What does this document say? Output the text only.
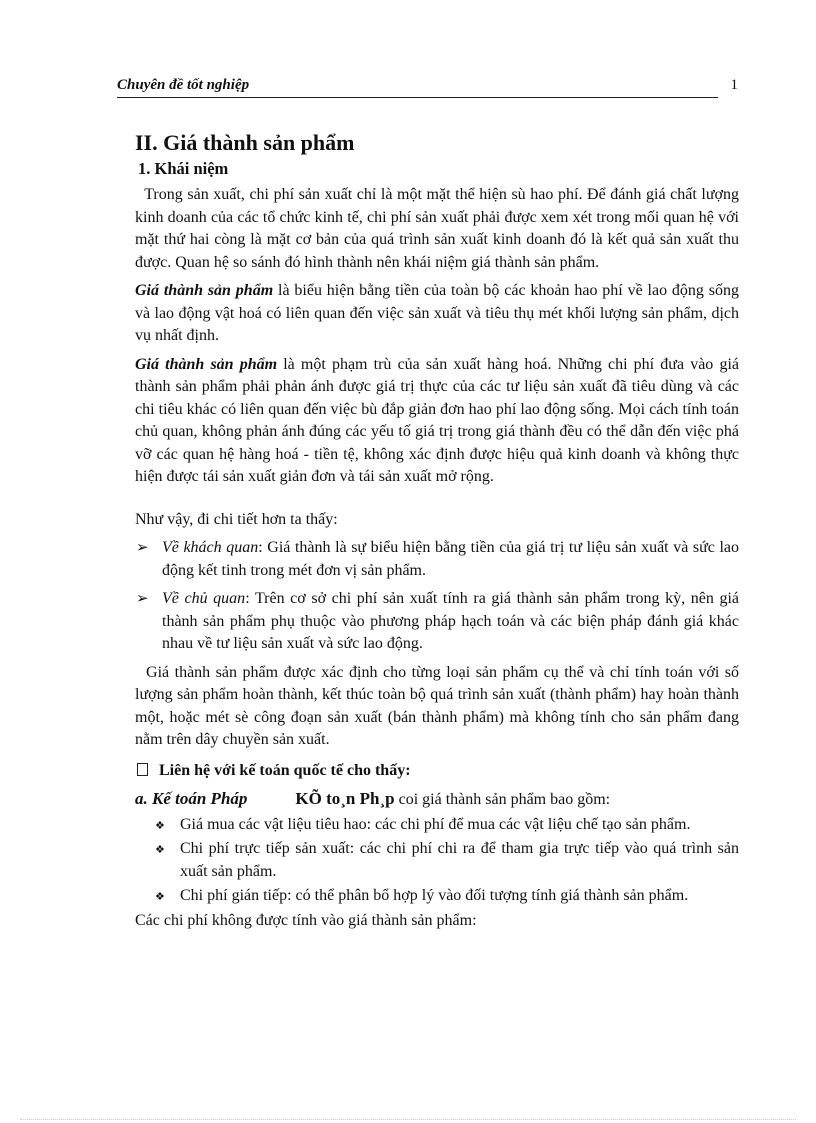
Chuyên đề tốt nghiệp	1
II. Giá thành sản phẩm
1. Khái niệm

Trong sản xuất, chi phí sản xuất chỉ là một mặt thể hiện sù hao phí. Để đánh giá chất lượng kinh doanh của các tổ chức kinh tế, chi phí sản xuất phải được xem xét trong mối quan hệ với mặt thứ hai còng là mặt cơ bản của quá trình sản xuất kinh doanh đó là kết quả sản xuất thu được. Quan hệ so sánh đó hình thành nên khái niệm giá thành sản phẩm.

Giá thành sản phẩm là biểu hiện bằng tiền của toàn bộ các khoản hao phí về lao động sống và lao động vật hoá có liên quan đến việc sản xuất và tiêu thụ mét khối lượng sản phẩm, dịch vụ nhất định.

Giá thành sản phẩm là một phạm trù của sản xuất hàng hoá. Những chi phí đưa vào giá thành sản phẩm phải phản ánh được giá trị thực của các tư liệu sản xuất đã tiêu dùng và các chi tiêu khác có liên quan đến việc bù đắp giản đơn hao phí lao động sống. Mọi cách tính toán chủ quan, không phản ánh đúng các yếu tố giá trị trong giá thành đều có thể dẫn đến việc phá vỡ các quan hệ hàng hoá - tiền tệ, không xác định được hiệu quả kinh doanh và không thực hiện được tái sản xuất giản đơn và tái sản xuất mở rộng.

Như vậy, đi chi tiết hơn ta thấy:

➢ Về khách quan: Giá thành là sự biểu hiện bằng tiền của giá trị tư liệu sản xuất và sức lao động kết tinh trong mét đơn vị sản phẩm.
➢ Về chủ quan: Trên cơ sở chi phí sản xuất tính ra giá thành sản phẩm trong kỳ, nên giá thành sản phẩm phụ thuộc vào phương pháp hạch toán và các biện pháp đánh giá khác nhau về tư liệu sản xuất và sức lao động.

Giá thành sản phẩm được xác định cho từng loại sản phẩm cụ thể và chỉ tính toán với số lượng sản phẩm hoàn thành, kết thúc toàn bộ quá trình sản xuất (thành phẩm) hay hoàn thành một, hoặc mét sè công đoạn sản xuất (bán thành phẩm) mà không tính cho sản phẩm đang nằm trên dây chuyền sản xuất.

Liên hệ với kế toán quốc tế cho thấy:
a. Kế toán Pháp	KÕ to¸n Ph¸p coi giá thành sản phẩm bao gồm:
❖ Giá mua các vật liệu tiêu hao: các chi phí để mua các vật liệu chế tạo sản phẩm.
❖ Chi phí trực tiếp sản xuất: các chi phí chi ra để tham gia trực tiếp vào quá trình sản xuất sản phẩm.
❖ Chi phí gián tiếp: có thể phân bổ hợp lý vào đối tượng tính giá thành sản phẩm.

Các chi phí không được tính vào giá thành sản phẩm:
